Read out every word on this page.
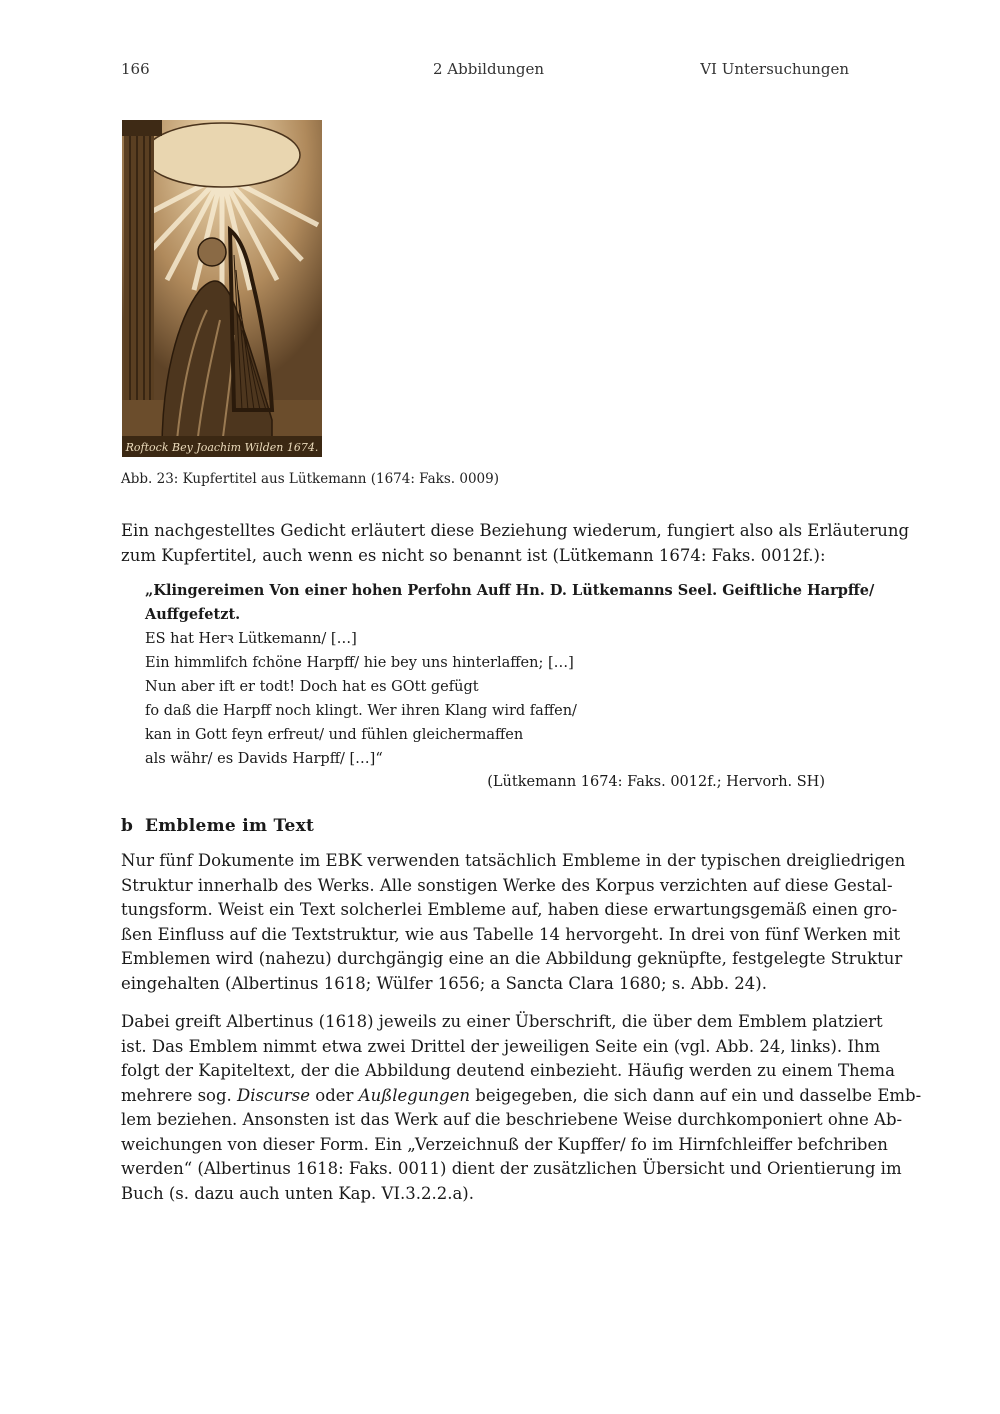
166	2 Abbildungen	VI Untersuchungen
Roftock Bey Joachim Wilden 1674.
Abb. 23: Kupfertitel aus Lütkemann (1674: Faks. 0009)

Ein nachgestelltes Gedicht erläutert diese Beziehung wiederum, fungiert also als Erläuterung
zum Kupfertitel, auch wenn es nicht so benannt ist (Lütkemann 1674: Faks. 0012f.):

„Klingereimen Von einer hohen Perfohn Auff Hn. D. Lütkemanns Seel. Geiftliche Harpffe/
Auffgefetzt.
ES hat Herꝛ Lütkemann/ […]
Ein himmlifch fchöne Harpff/ hie bey uns hinterlaffen; […]
Nun aber ift er todt! Doch hat es GOtt gefügt
fo daß die Harpff noch klingt. Wer ihren Klang wird faffen/
kan in Gott feyn erfreut/ und fühlen gleichermaffen
als währ/ es Davids Harpff/ […]“
(Lütkemann 1674: Faks. 0012f.; Hervorh. SH)
b Embleme im Text

Nur fünf Dokumente im EBK verwenden tatsächlich Embleme in der typischen dreigliedrigen
Struktur innerhalb des Werks. Alle sonstigen Werke des Korpus verzichten auf diese Gestal-
tungsform. Weist ein Text solcherlei Embleme auf, haben diese erwartungsgemäß einen gro-
ßen Einfluss auf die Textstruktur, wie aus Tabelle 14 hervorgeht. In drei von fünf Werken mit
Emblemen wird (nahezu) durchgängig eine an die Abbildung geknüpfte, festgelegte Struktur
eingehalten (Albertinus 1618; Wülfer 1656; a Sancta Clara 1680; s. Abb. 24).

Dabei greift Albertinus (1618) jeweils zu einer Überschrift, die über dem Emblem platziert
ist. Das Emblem nimmt etwa zwei Drittel der jeweiligen Seite ein (vgl. Abb. 24, links). Ihm
folgt der Kapiteltext, der die Abbildung deutend einbezieht. Häufig werden zu einem Thema
mehrere sog. Discurse oder Außlegungen beigegeben, die sich dann auf ein und dasselbe Emb-
lem beziehen. Ansonsten ist das Werk auf die beschriebene Weise durchkomponiert ohne Ab-
weichungen von dieser Form. Ein „Verzeichnuß der Kupffer/ fo im Hirnfchleiffer befchriben
werden“ (Albertinus 1618: Faks. 0011) dient der zusätzlichen Übersicht und Orientierung im
Buch (s. dazu auch unten Kap. VI.3.2.2.a).
